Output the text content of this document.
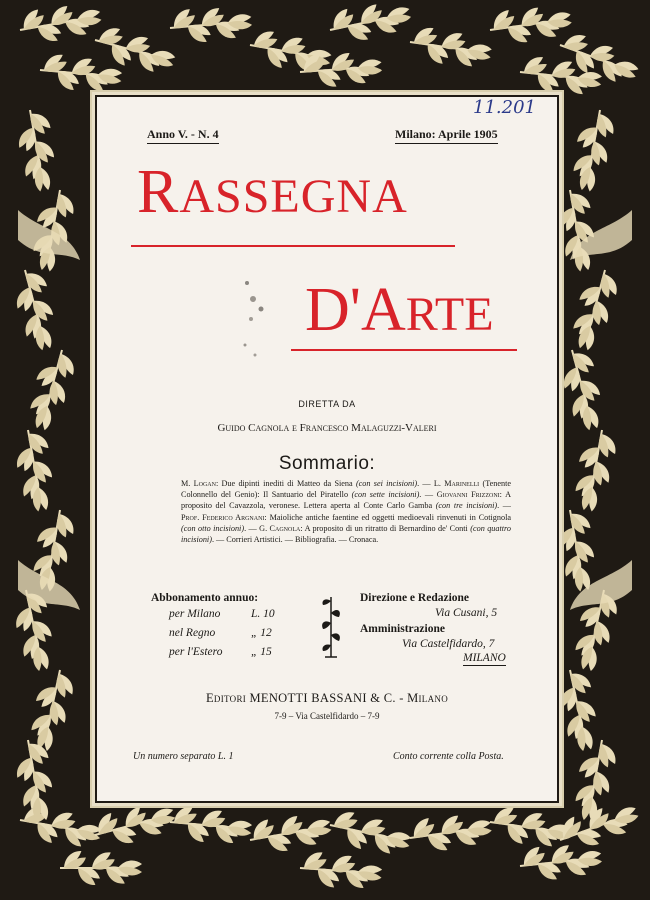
11.201
Anno V. - N. 4	Milano: Aprile 1905
RASSEGNA
D'ARTE
DIRETTA DA
Guido Cagnola e Francesco Malaguzzi-Valeri
Sommario:
M. Logan: Due dipinti inediti di Matteo da Siena (con sei incisioni). — L. Marinelli (Tenente Colonnello del Genio): Il Santuario del Piratello (con sette incisioni). — Giovanni Frizzoni: A proposito del Cavazzola, veronese. Lettera aperta al Conte Carlo Gamba (con tre incisioni). — Prof. Federico Argnani: Maioliche antiche faentine ed oggetti medioevali rinvenuti in Cotignola (con otto incisioni). — G. Cagnola: A proposito di un ritratto di Bernardino de' Conti (con quattro incisioni). — Corrieri Artistici. — Bibliografia. — Cronaca.
Abbonamento annuo:
per Milano	L. 10
nel Regno	„ 12
per l'Estero „ 15
Direzione e Redazione
Via Cusani, 5
Amministrazione
Via Castelfidardo, 7
MILANO
Editori MENOTTI BASSANI & C. - Milano
7-9 – Via Castelfidardo – 7-9
Un numero separato L. 1	Conto corrente colla Posta.
